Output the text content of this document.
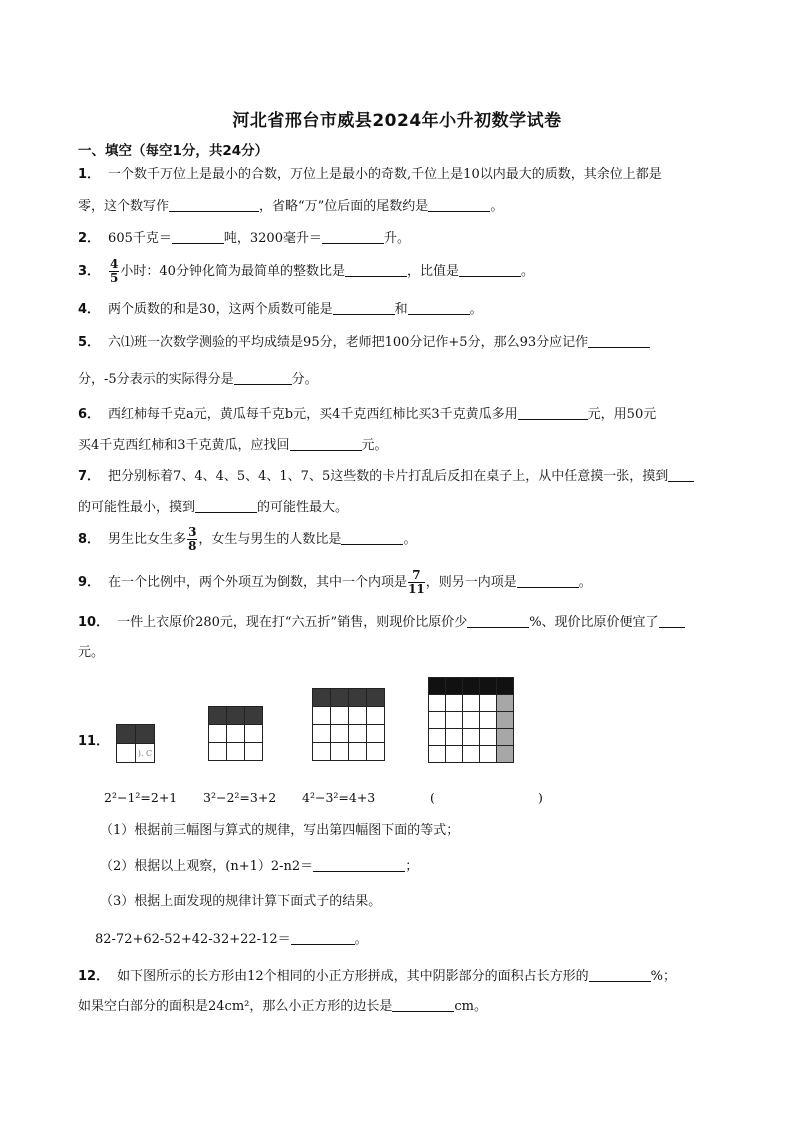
河北省邢台市威县2024年小升初数学试卷
一、填空（每空1分，共24分）
1． 一个数千万位上是最小的合数，万位上是最小的奇数,千位上是10以内最大的质数，其余位上都是
零，这个数写作	，省略“万”位后面的尾数约是	。
2． 605千克＝	吨，3200毫升＝	升。
3． $\frac{4}{5}$ 小时：40分钟化简为最简单的整数比是	，比值是	。
4． 两个质数的和是30，这两个质数可能是	和	。
5． 六⑴班一次数学测验的平均成绩是95分，老师把100分记作+5分，那么93分应记作
分，-5分表示的实际得分是	分。
6． 西红柿每千克a元，黄瓜每千克b元，买4千克西红柿比买3千克黄瓜多用	元，用50元
买4千克西红柿和3千克黄瓜，应找回	元。
7． 把分别标着7、4、4、5、4、1、7、5这些数的卡片打乱后反扣在桌子上，从中任意摸一张，摸到
的可能性最小，摸到	的可能性最大。
8． 男生比女生多 $\frac{3}{8}$ ，女生与男生的人数比是	。
9． 在一个比例中，两个外项互为倒数，其中一个内项是 $\frac{7}{11}$ ，则另一内项是	。
10． 一件上衣原价280元，现在打“六五折”销售，则现价比原价少	%、现价比原价便宜了
元。
11．

	). C

2²−1²=2+1 3²−2²=3+2 4²−3²=4+3	(	)
（1）根据前三幅图与算式的规律，写出第四幅图下面的等式；
（2）根据以上观察，(n+1）2-n2＝	；
（3）根据上面发现的规律计算下面式子的结果。
82-72+62-52+42-32+22-12＝	。
12． 如下图所示的长方形由12个相同的小正方形拼成，其中阴影部分的面积占长方形的	%；
如果空白部分的面积是24cm²，那么小正方形的边长是	cm。
